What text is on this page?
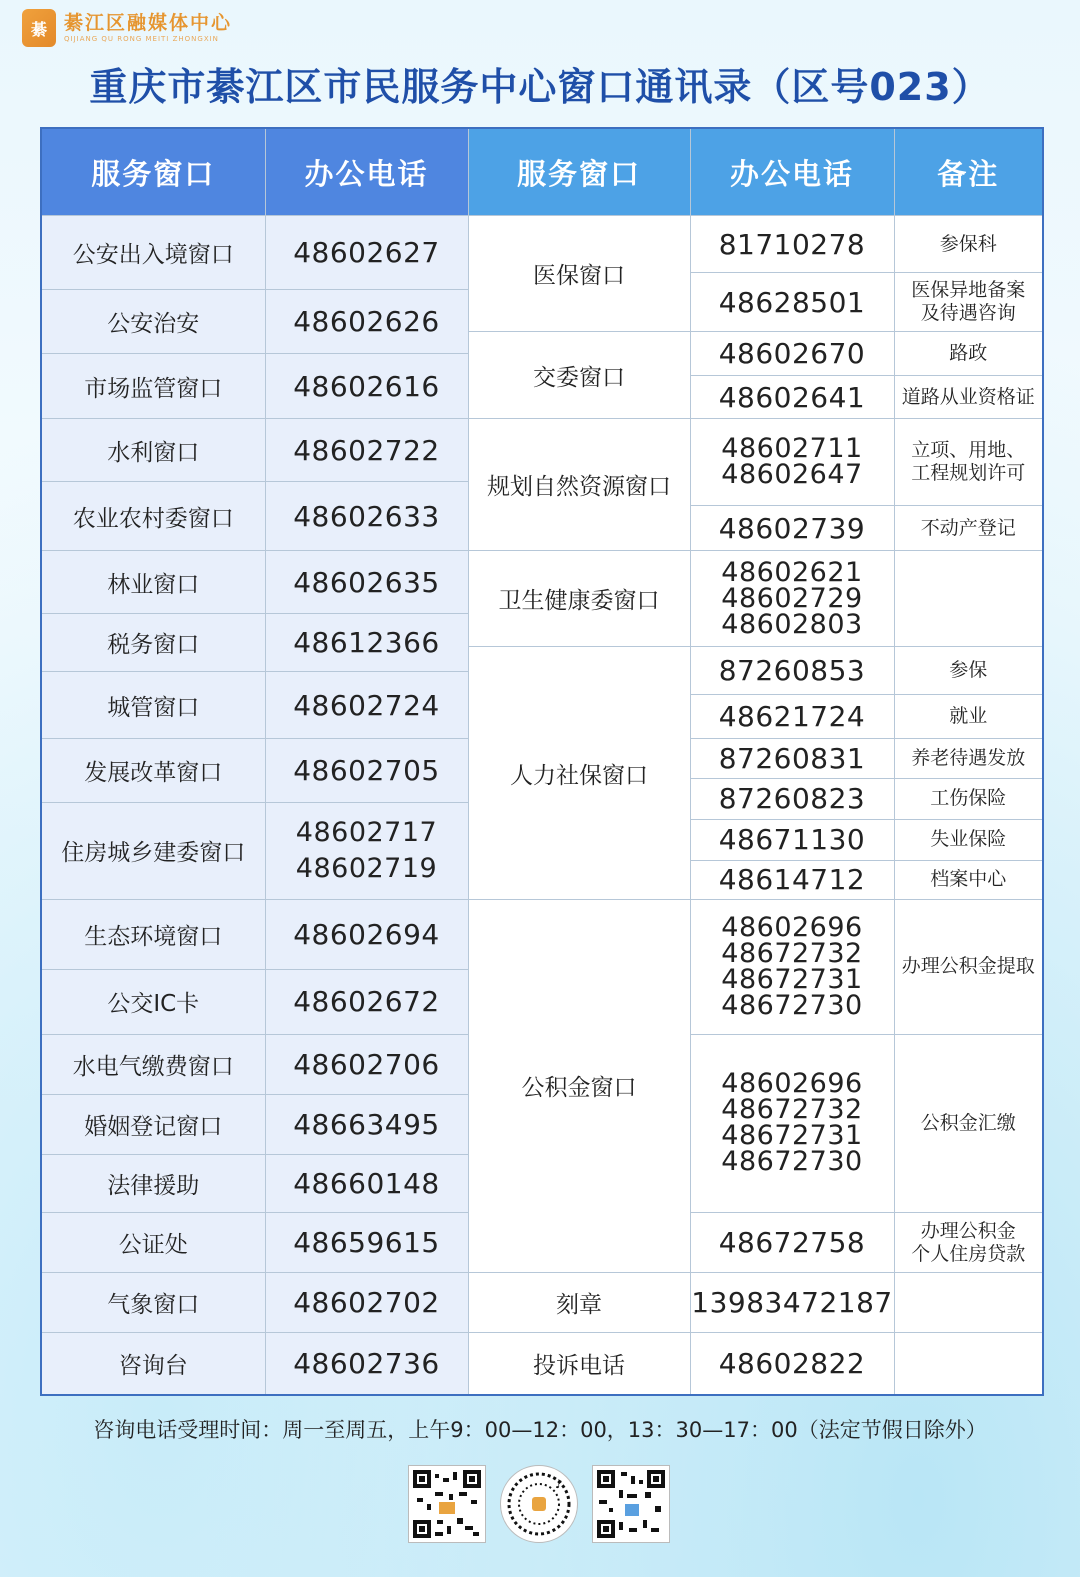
綦 綦江区融媒体中心
QIJIANG QU RONG MEITI ZHONGXIN
重庆市綦江区市民服务中心窗口通讯录（区号023）
服务窗口	办公电话	服务窗口	办公电话	备注
公安出入境窗口	48602627	医保窗口	81710278	参保科
			48628501	医保异地备案
及待遇咨询
公安治安	48602626			
		交委窗口	48602670	路政
市场监管窗口	48602616			
			48602641	道路从业资格证
水利窗口	48602722	规划自然资源窗口	48602711
48602647	立项、用地、
工程规划许可
农业农村委窗口	48602633			
			48602739	不动产登记
林业窗口	48602635	卫生健康委窗口	48602621
48602729
48602803	
税务窗口	48612366			
		人力社保窗口	87260853	参保
城管窗口	48602724			
			48621724	就业
发展改革窗口	48602705		87260831	养老待遇发放
			87260823	工伤保险
住房城乡建委窗口	48602717
48602719			
			48671130	失业保险
			48614712	档案中心
生态环境窗口	48602694	公积金窗口	48602696
48672732
48672731
48672730	办理公积金提取
公交IC卡	48602672			
水电气缴费窗口	48602706		48602696
48672732
48672731
48672730	公积金汇缴
婚姻登记窗口	48663495			
法律援助	48660148			
公证处	48659615		48672758	办理公积金
个人住房贷款
气象窗口	48602702	刻章	13983472187	
咨询台	48602736	投诉电话	48602822	
咨询电话受理时间：周一至周五，上午9：00—12：00，13：30—17：00（法定节假日除外）
♪
